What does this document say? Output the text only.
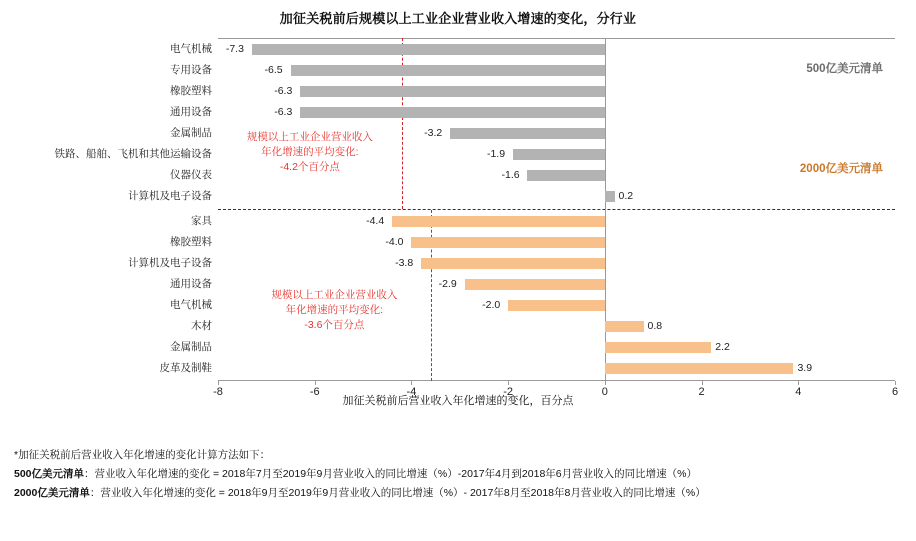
加征关税前后规模以上工业企业营业收入增速的变化，分行业
500亿美元清单
规模以上工业企业营业收入
年化增速的平均变化:
-4.2个百分点
-7.3
-6.5
-6.3
-6.3
-3.2
-1.9
-1.6
0.2
2000亿美元清单
规模以上工业企业营业收入
年化增速的平均变化:
-3.6个百分点
-4.4
-4.0
-3.8
-2.9
-2.0
0.8
2.2
3.9
-8	-6	-4	-2	0	2	4	6
加征关税前后营业收入年化增速的变化，百分点
*加征关税前后营业收入年化增速的变化计算方法如下：
500亿美元清单：营业收入年化增速的变化 = 2018年7月至2019年9月营业收入的同比增速（%）-2017年4月到2018年6月营业收入的同比增速（%）
2000亿美元清单：营业收入年化增速的变化 = 2018年9月至2019年9月营业收入的同比增速（%）- 2017年8月至2018年8月营业收入的同比增速（%）
电气机械
专用设备
橡胶塑料
通用设备
金属制品
铁路、船舶、飞机和其他运输设备
仪器仪表
计算机及电子设备
家具
橡胶塑料
计算机及电子设备
通用设备
电气机械
木材
金属制品
皮革及制鞋
